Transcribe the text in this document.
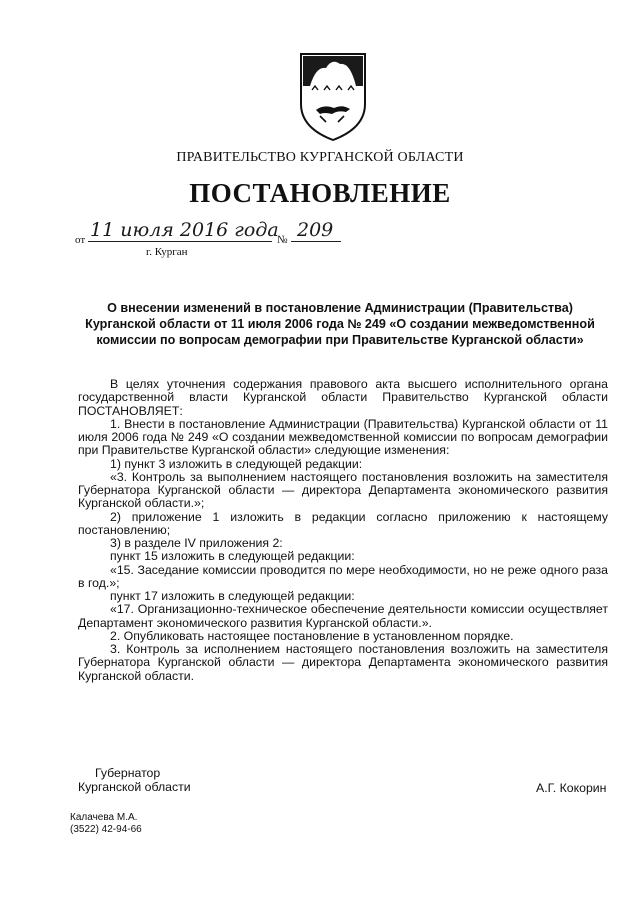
ПРАВИТЕЛЬСТВО КУРГАНСКОЙ ОБЛАСТИ
ПОСТАНОВЛЕНИЕ
от 11 июля 2016 года
№ 209
г. Курган
О внесении изменений в постановление Администрации (Правительства)
Курганской области от 11 июля 2006 года № 249 «О создании межведомственной
комиссии по вопросам демографии при Правительстве Курганской области»

В целях уточнения содержания правового акта высшего исполнительного органа государственной власти Курганской области Правительство Курганской области ПОСТАНОВЛЯЕТ:

1. Внести в постановление Администрации (Правительства) Курганской области от 11 июля 2006 года № 249 «О создании межведомственной комиссии по вопросам демографии при Правительстве Курганской области» следующие изменения:

1) пункт 3 изложить в следующей редакции:

«3. Контроль за выполнением настоящего постановления возложить на заместителя Губернатора Курганской области — директора Департамента экономического развития Курганской области.»;

2) приложение 1 изложить в редакции согласно приложению к настоящему постановлению;

3) в разделе IV приложения 2:

пункт 15 изложить в следующей редакции:

«15. Заседание комиссии проводится по мере необходимости, но не реже одного раза в год.»;

пункт 17 изложить в следующей редакции:

«17. Организационно-техническое обеспечение деятельности комиссии осуществляет Департамент экономического развития Курганской области.».

2. Опубликовать настоящее постановление в установленном порядке.

3. Контроль за исполнением настоящего постановления возложить на заместителя Губернатора Курганской области — директора Департамента экономического развития Курганской области.

Губернатор
Курганской области	А.Г. Кокорин
Калачева М.А.
(3522) 42-94-66
